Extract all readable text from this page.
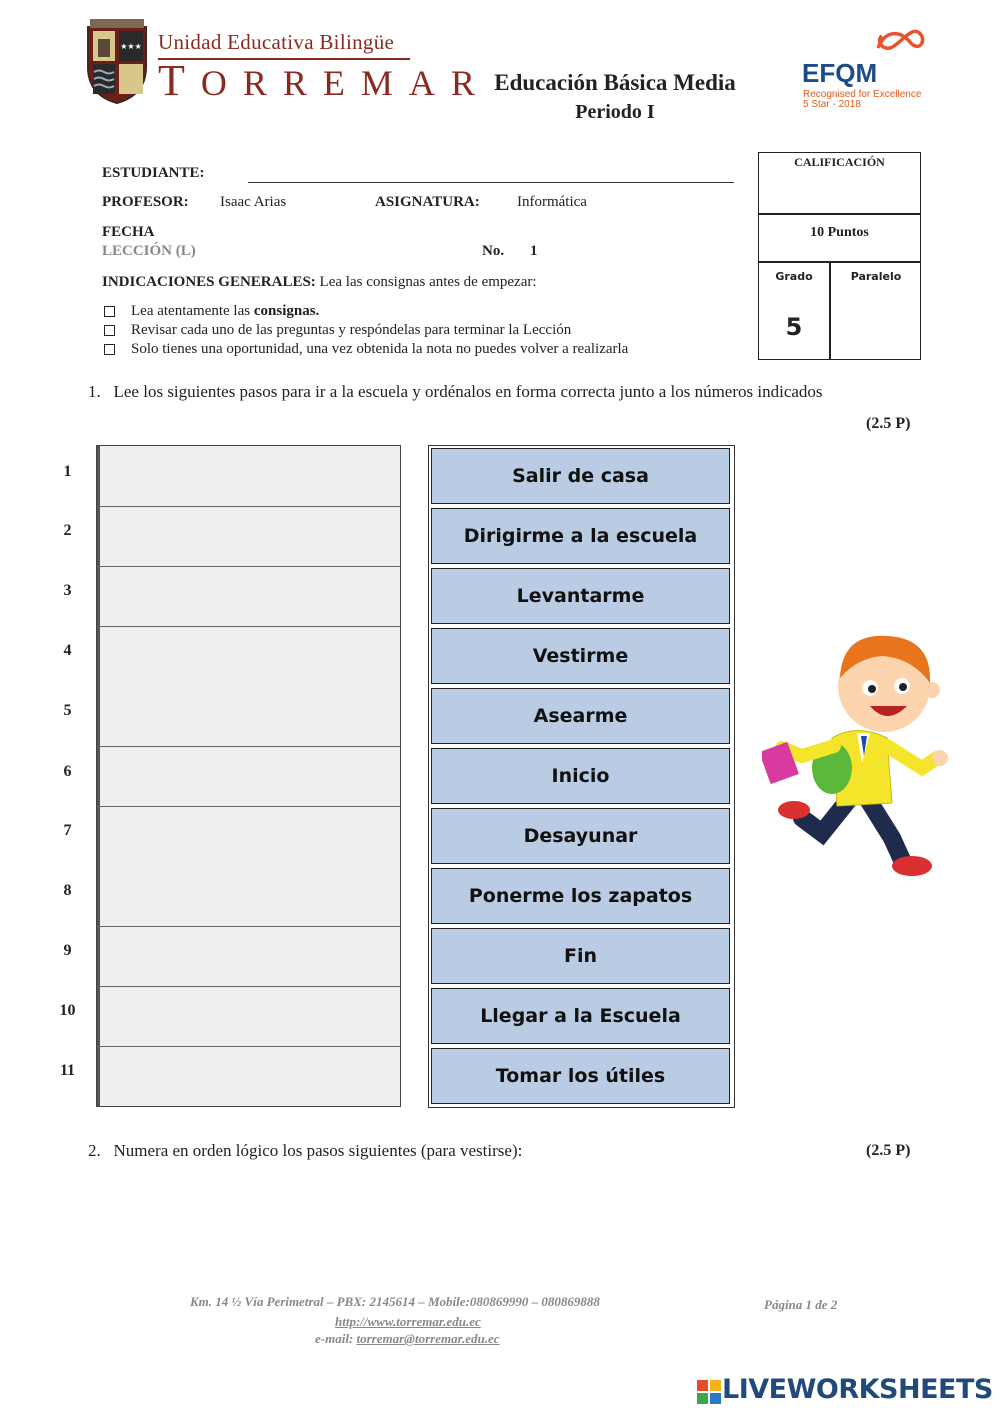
★★★ Unidad Educativa Bilingüe
TORREMAR Educación Básica Media
Periodo I
EFQM
Recognised for Excellence
5 Star - 2018
ESTUDIANTE:
PROFESOR: Isaac Arias	ASIGNATURA: Informática
FECHA
LECCIÓN (L)	No. 1
INDICACIONES GENERALES: Lea las consignas antes de empezar:
Lea atentamente las consignas.
Revisar cada uno de las preguntas y respóndelas para terminar la Lección
Solo tienes una oportunidad, una vez obtenida la nota no puedes volver a realizarla
CALIFICACIÓN
10 Puntos
Grado	Paralelo
5
1. Lee los siguientes pasos para ir a la escuela y ordénalos en forma correcta junto a los números indicados
(2.5 P)
1
2
3
4
5
6
7
8
9
10
11
Salir de casa
Dirigirme a la escuela
Levantarme
Vestirme
Asearme
Inicio
Desayunar
Ponerme los zapatos
Fin
Llegar a la Escuela
Tomar los útiles
2. Numera en orden lógico los pasos siguientes (para vestirse):	(2.5 P)
Km. 14 ½ Vía Perimetral – PBX: 2145614 – Mobile:080869990 – 080869888
http://www.torremar.edu.ec
e-mail: torremar@torremar.edu.ec
Página 1 de 2
LIVEWORKSHEETS
